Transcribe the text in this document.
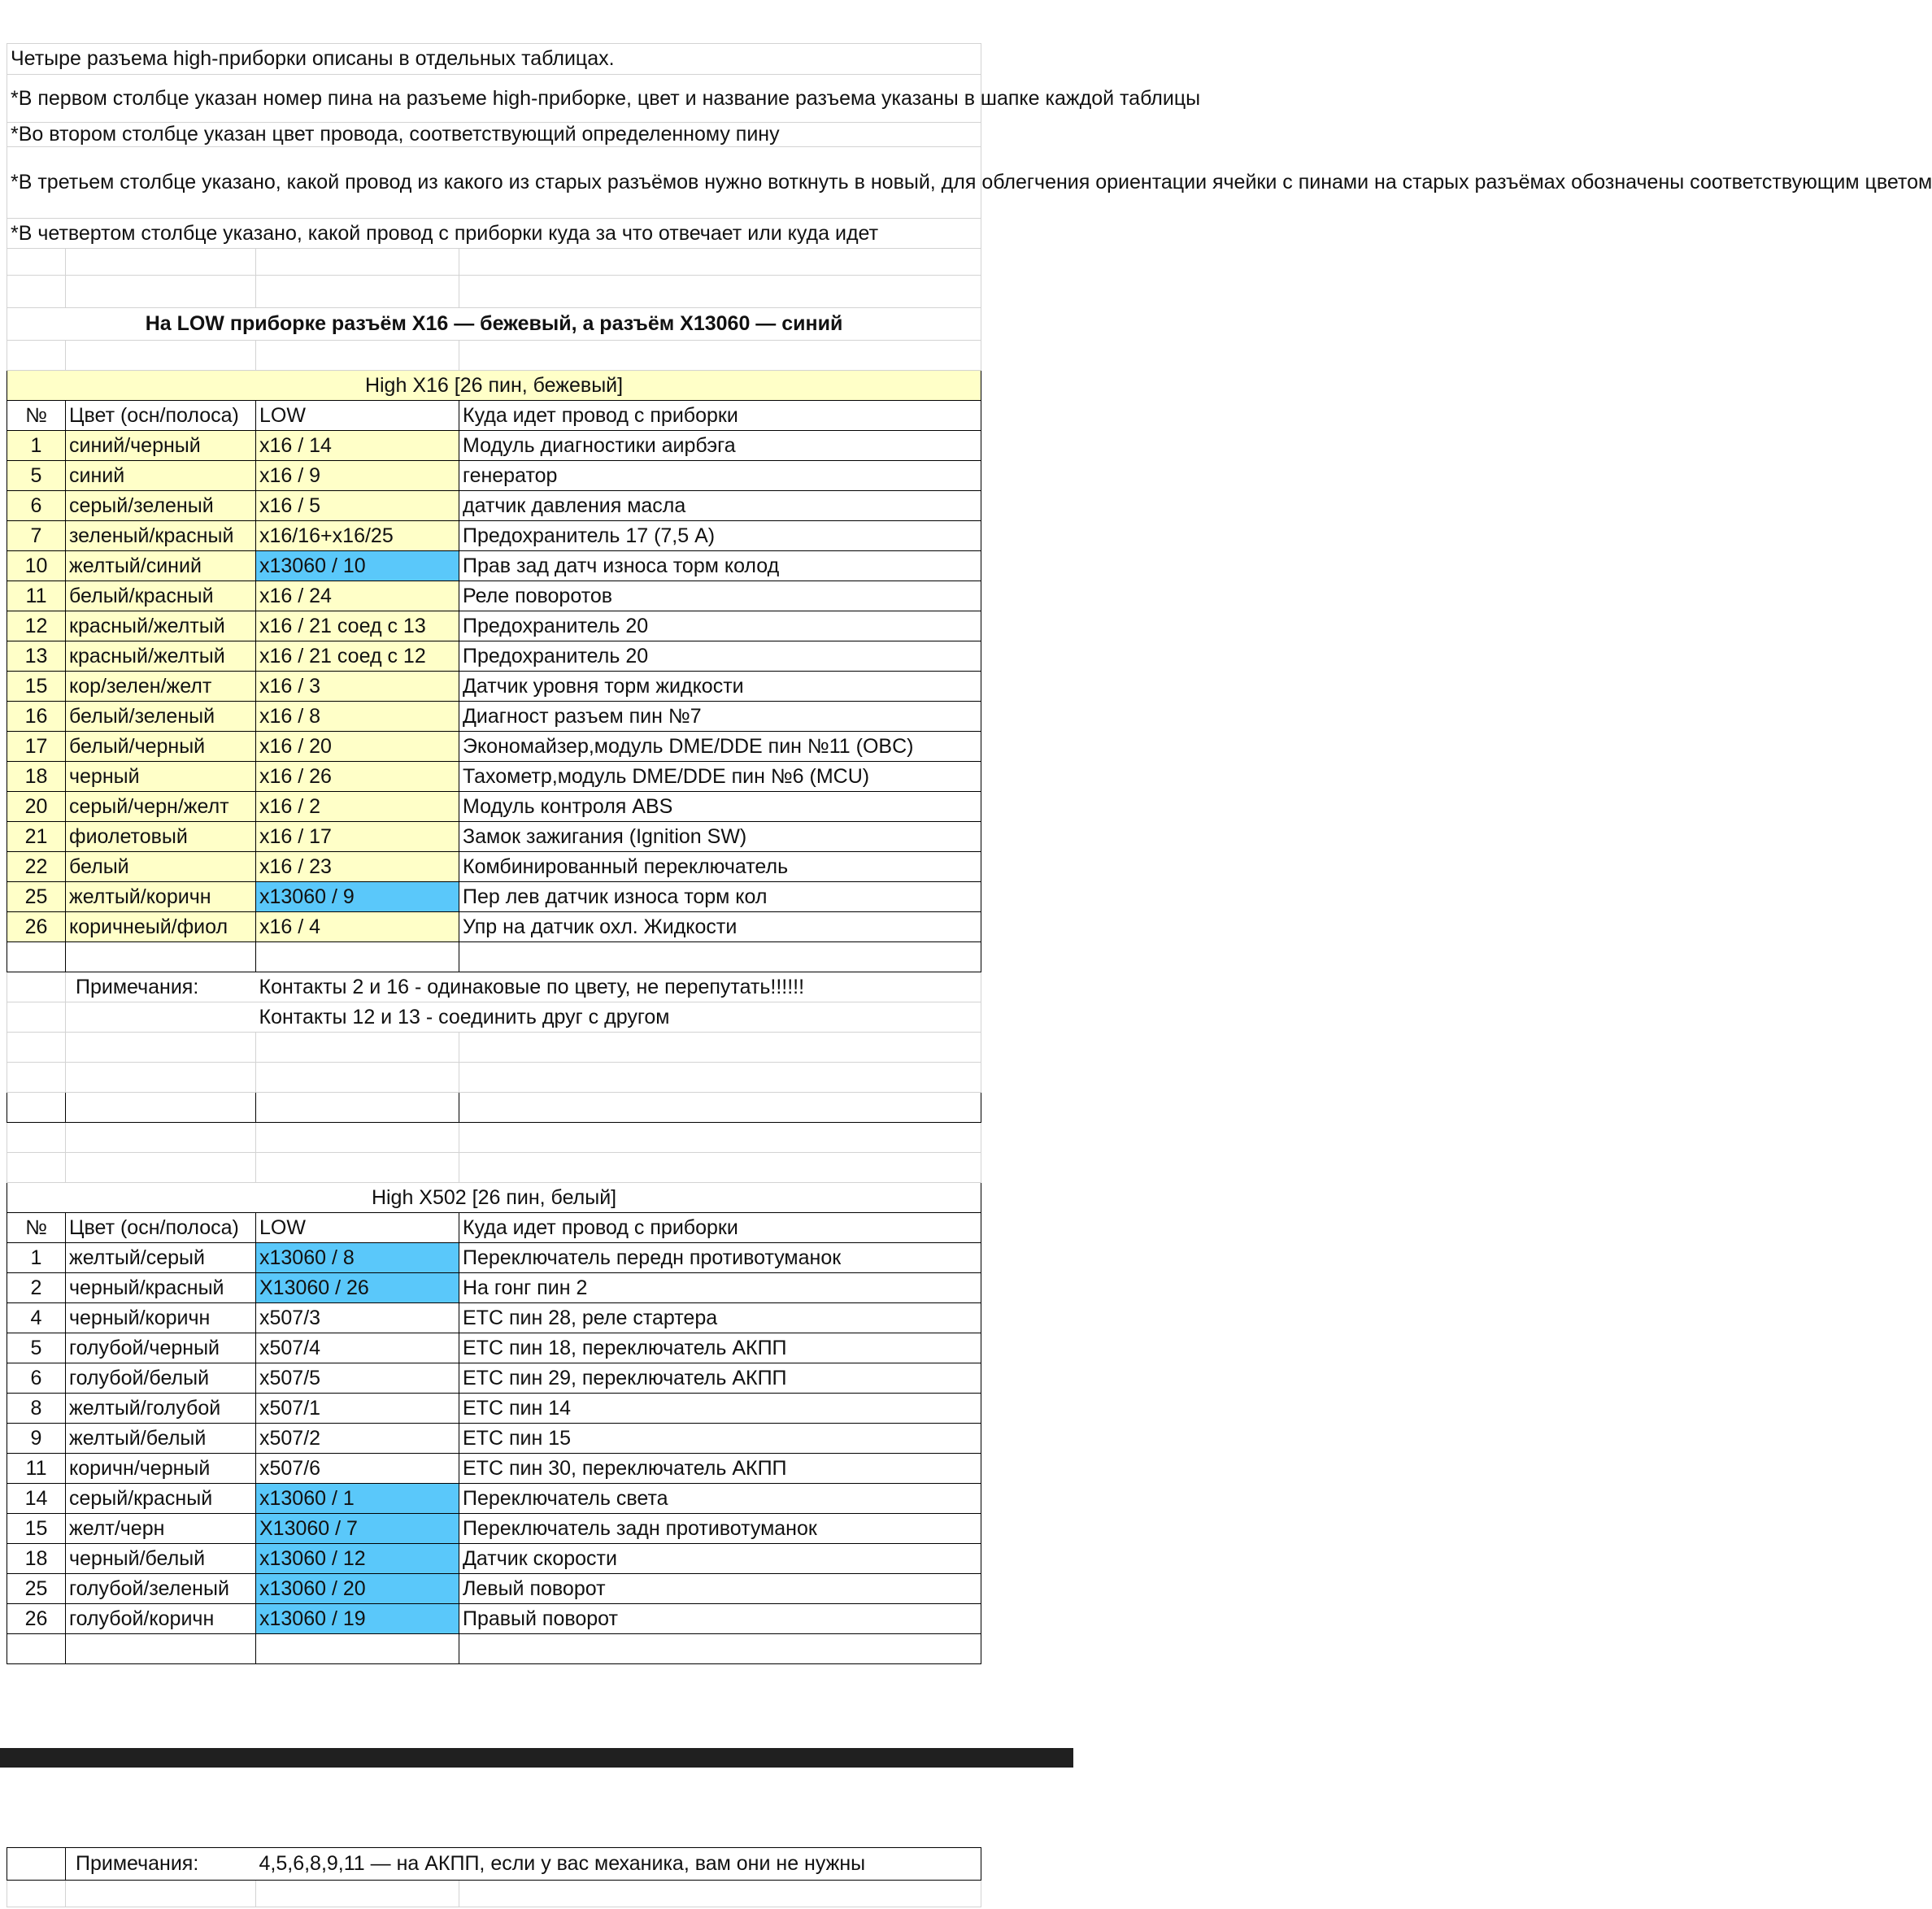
Четыре разъема high-приборки описаны в отдельных таблицах.			
*В первом столбце указан номер пина на разъеме high-приборке, цвет и название разъема указаны в шапке каждой таблицы			
*Во втором столбце указан цвет провода, соответствующий определенному пину			
*В третьем столбце указано, какой провод из какого из старых разъёмов нужно воткнуть в новый, для облегчения ориентации ячейки с пинами на старых разъёмах обозначены соответствующим цветом			
*В четвертом столбце указано, какой провод с приборки куда за что отвечает или куда идет			

На LOW приборке разъём Х16 — бежевый, а разъём Х13060 — синий			

High X16 [26 пин, бежевый]			
№	Цвет (осн/полоса)	LOW	Куда идет провод с приборки
1	синий/черный	x16 / 14	Модуль диагностики аирбэга
5	синий	x16 / 9	генератор
6	серый/зеленый	x16 / 5	датчик давления масла
7	зеленый/красный	x16/16+x16/25	Предохранитель 17 (7,5 А)
10	желтый/синий	x13060 / 10	Прав зад датч износа торм колод
11	белый/красный	x16 / 24	Реле поворотов
12	красный/желтый	x16 / 21 соед с 13	Предохранитель 20
13	красный/желтый	x16 / 21 соед с 12	Предохранитель 20
15	кор/зелен/желт	x16 / 3	Датчик уровня торм жидкости
16	белый/зеленый	x16 / 8	Диагност разъем пин №7
17	белый/черный	x16 / 20	Экономайзер,модуль DME/DDE пин №11 (OBC)
18	черный	x16 / 26	Тахометр,модуль DME/DDE пин №6 (MCU)
20	серый/черн/желт	x16 / 2	Модуль контроля ABS
21	фиолетовый	x16 / 17	Замок зажигания (Ignition SW)
22	белый	x16 / 23	Комбинированный переключатель
25	желтый/коричн	x13060 / 9	Пер лев датчик износа торм кол
26	коричнеый/фиол	x16 / 4	Упр на датчик охл. Жидкости

	Примечания:	Контакты 2 и 16 - одинаковые по цвету, не перепутать!!!!!!	
		Контакты 12 и 13 - соединить друг с другом	

High X502 [26 пин, белый]			
№	Цвет (осн/полоса)	LOW	Куда идет провод с приборки
1	желтый/серый	x13060 / 8	Переключатель передн противотуманок
2	черный/красный	X13060 / 26	На гонг пин 2
4	черный/коричн	x507/3	ETC пин 28, реле стартера
5	голубой/черный	x507/4	ETC пин 18, переключатель АКПП
6	голубой/белый	x507/5	ETC пин 29, переключатель АКПП
8	желтый/голубой	x507/1	ETC пин 14
9	желтый/белый	x507/2	ETC пин 15
11	коричн/черный	x507/6	ETC пин 30, переключатель АКПП
14	серый/красный	x13060 / 1	Переключатель света
15	желт/черн	X13060 / 7	Переключатель задн противотуманок
18	черный/белый	x13060 / 12	Датчик скорости
25	голубой/зеленый	x13060 / 20	Левый поворот
26	голубой/коричн	x13060 / 19	Правый поворот

	Примечания:	4,5,6,8,9,11 — на АКПП, если у вас механика, вам они не нужны	
